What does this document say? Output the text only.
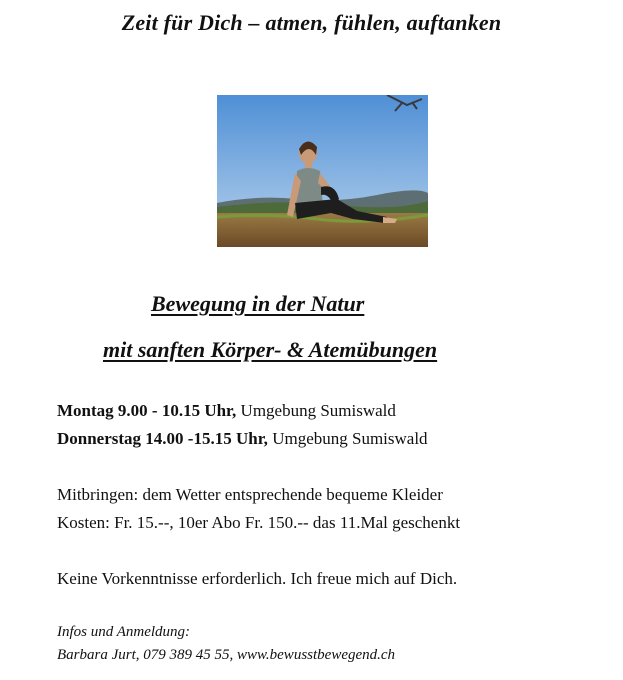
Zeit für Dich – atmen, fühlen, auftanken
Bewegung in der Natur
mit sanften Körper- & Atemübungen
Montag 9.00 - 10.15 Uhr, Umgebung Sumiswald
Donnerstag 14.00 -15.15 Uhr, Umgebung Sumiswald
Mitbringen: dem Wetter entsprechende bequeme Kleider
Kosten: Fr. 15.--, 10er Abo Fr. 150.-- das 11.Mal geschenkt
Keine Vorkenntnisse erforderlich. Ich freue mich auf Dich.
Infos und Anmeldung:
Barbara Jurt, 079 389 45 55, www.bewusstbewegend.ch
